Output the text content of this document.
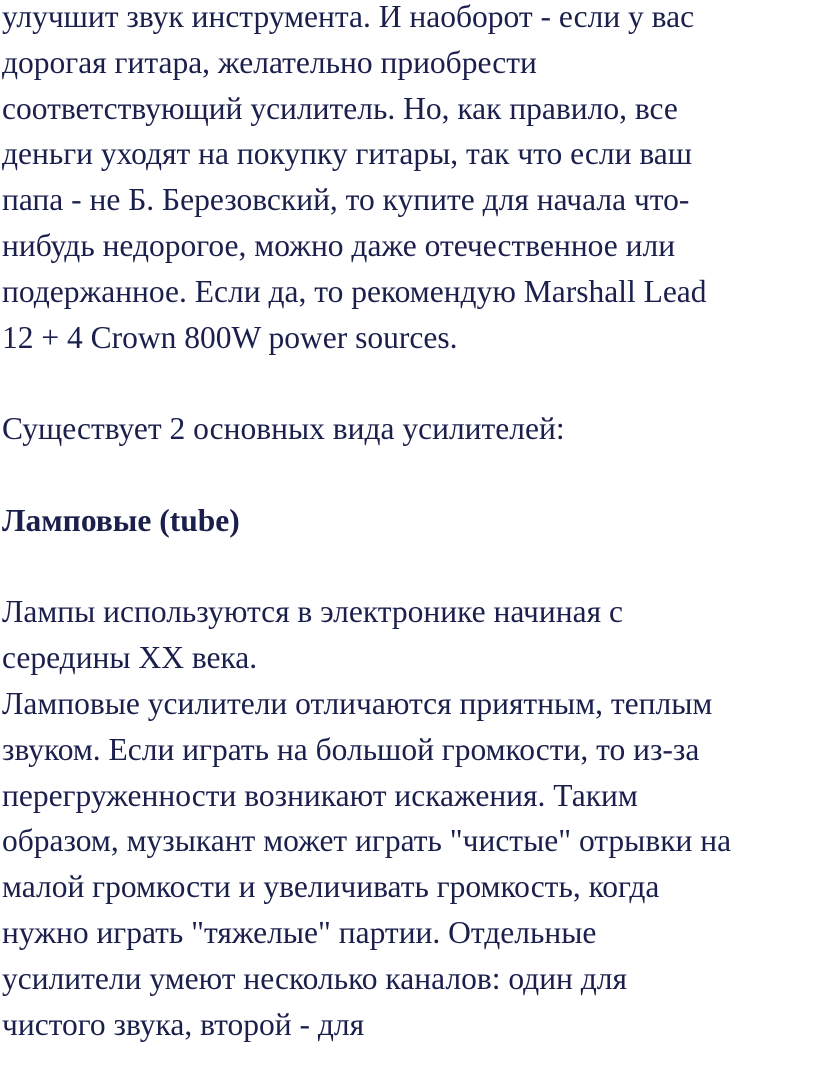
улучшит звук инструмента. И наоборот - если у вас
дорогая гитара, желательно приобрести
соответствующий усилитель. Но, как правило, все
деньги уходят на покупку гитары, так что если ваш
папа - не Б. Березовский, то купите для начала что-
нибудь недорогое, можно даже отечественное или
подержанное. Если да, то рекомендую Marshall Lead
12 + 4 Crown 800W power sources.
Существует 2 основных вида усилителей:
Ламповые (tube)
Лампы используются в электронике начиная с
середины XX века.
Ламповые усилители отличаются приятным, теплым
звуком. Если играть на большой громкости, то из-за
перегруженности возникают искажения. Таким
образом, музыкант может играть "чистые" отрывки на
малой громкости и увеличивать громкость, когда
нужно играть "тяжелые" партии. Отдельные
усилители умеют несколько каналов: один для
чистого звука, второй - для
